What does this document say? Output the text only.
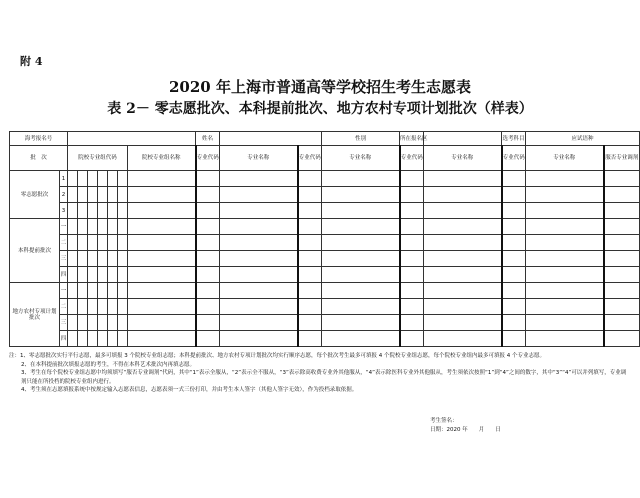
附 4
2020 年上海市普通高等学校招生考生志愿表
表 2－ 零志愿批次、本科提前批次、地方农村专项计划批次（样表）
海考报名号									姓名			性别	所在报名区		选考科目	应试语种	
批　次		院校专业组代码						院校专业组名称	专业代码	专业名称	专业代码	专业名称	专业代码	专业名称	专业代码	专业名称	服否专业调剂
零志愿批次	1																
	2																
	3																
本科提前批次	一																
	二																
	三																
	四																
地方农村专项计划批次	一																
	二																
	三																
	四																
注：1、零志愿批次实行平行志愿，最多可填报 3 个院校专业组志愿；本科提前批次、地方农村专项计划批次均实行顺序志愿，每个批次考生最多可填报 4 个院校专业组志愿，每个院校专业组内最多可填报 4 个专业志愿。
2、在本科提前批次填报志愿的考生，不得在本科艺术批次内再填志愿。
3、考生在每个院校专业组志愿中均须填写“服否专业调剂”代码，其中“1”表示全服从，“2”表示全不服从，“3”表示除高收费专业外其他服从，“4”表示除医科专业外其他服从，考生须依次按照“1”到“4”之间的数字，其中“3”“4”可以并列填写，专业调剂只能在所投档的院校专业组内进行。
4、考生须在志愿填报系统中按规定输入志愿表信息，志愿表须一式三份打印，并由考生本人签字（其他人签字无效），作为投档录取依据。
考生签名：
日期：2020 年　　月　　日
